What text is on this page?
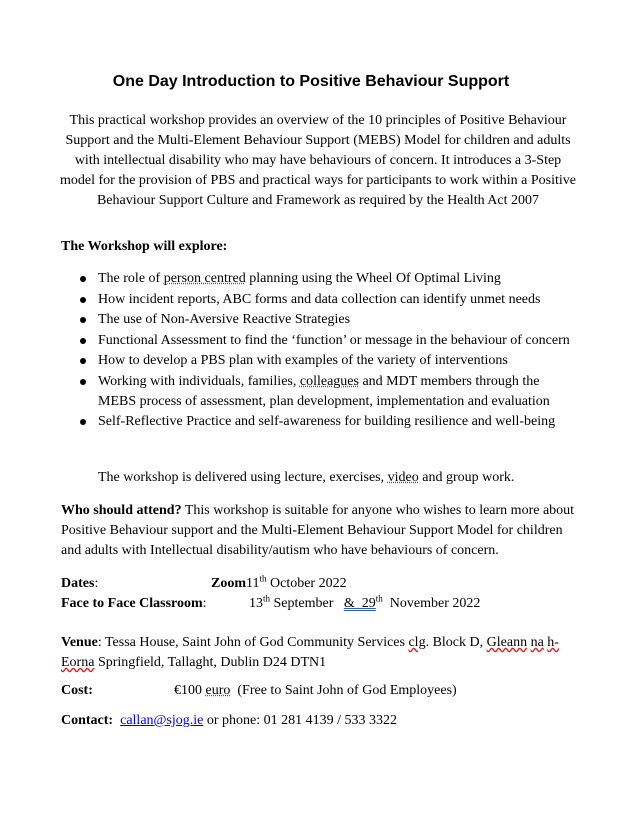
One Day Introduction to Positive Behaviour Support
This practical workshop provides an overview of the 10 principles of Positive Behaviour Support and the Multi-Element Behaviour Support (MEBS) Model for children and adults with intellectual disability who may have behaviours of concern. It introduces a 3-Step model for the provision of PBS and practical ways for participants to work within a Positive Behaviour Support Culture and Framework as required by the Health Act 2007
The Workshop will explore:
The role of person centred planning using the Wheel Of Optimal Living
How incident reports, ABC forms and data collection can identify unmet needs
The use of Non-Aversive Reactive Strategies
Functional Assessment to find the ‘function’ or message in the behaviour of concern
How to develop a PBS plan with examples of the variety of interventions
Working with individuals, families, colleagues and MDT members through the MEBS process of assessment, plan development, implementation and evaluation
Self-Reflective Practice and self-awareness for building resilience and well-being
The workshop is delivered using lecture, exercises, video and group work.
Who should attend? This workshop is suitable for anyone who wishes to learn more about Positive Behaviour support and the Multi-Element Behaviour Support Model for children and adults with Intellectual disability/autism who have behaviours of concern.
Dates:	Zoom11th October 2022
Face to Face Classroom:	13th September   &  29th  November 2022
Venue: Tessa House, Saint John of God Community Services clg. Block D, Gleann na h-Eorna Springfield, Tallaght, Dublin D24 DTN1
Cost:	€100 euro  (Free to Saint John of God Employees)
Contact: callan@sjog.ie or phone: 01 281 4139 / 533 3322
